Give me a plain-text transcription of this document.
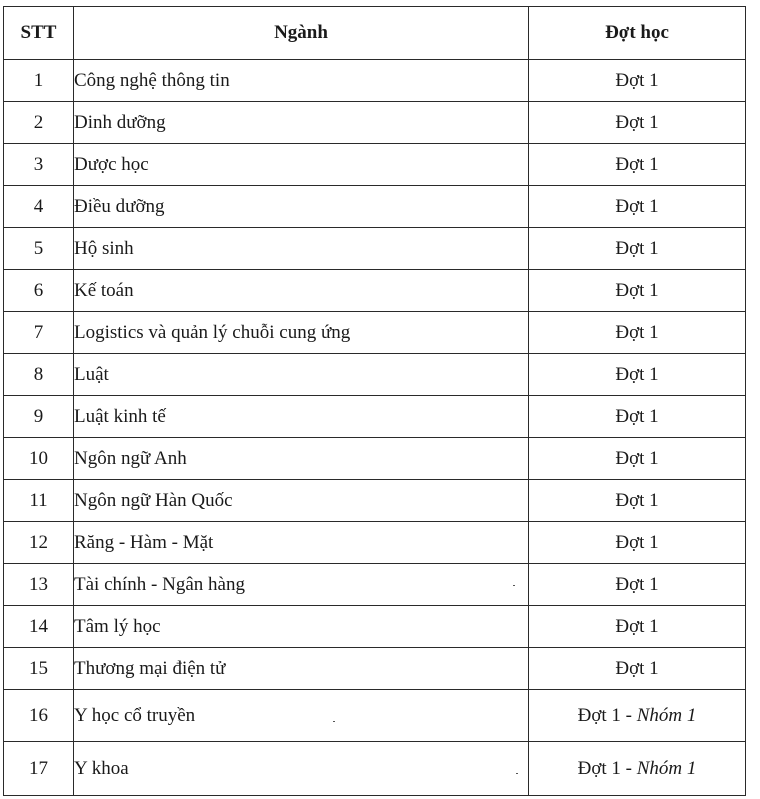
STT	Ngành	Đợt học
1	Công nghệ thông tin	Đợt 1
2	Dinh dưỡng	Đợt 1
3	Dược học	Đợt 1
4	Điều dưỡng	Đợt 1
5	Hộ sinh	Đợt 1
6	Kế toán	Đợt 1
7	Logistics và quản lý chuỗi cung ứng	Đợt 1
8	Luật	Đợt 1
9	Luật kinh tế	Đợt 1
10	Ngôn ngữ Anh	Đợt 1
11	Ngôn ngữ Hàn Quốc	Đợt 1
12	Răng - Hàm - Mặt	Đợt 1
13	Tài chính - Ngân hàng	Đợt 1
14	Tâm lý học	Đợt 1
15	Thương mại điện tử	Đợt 1
16	Y học cổ truyền	Đợt 1 - Nhóm 1
17	Y khoa	Đợt 1 - Nhóm 1
